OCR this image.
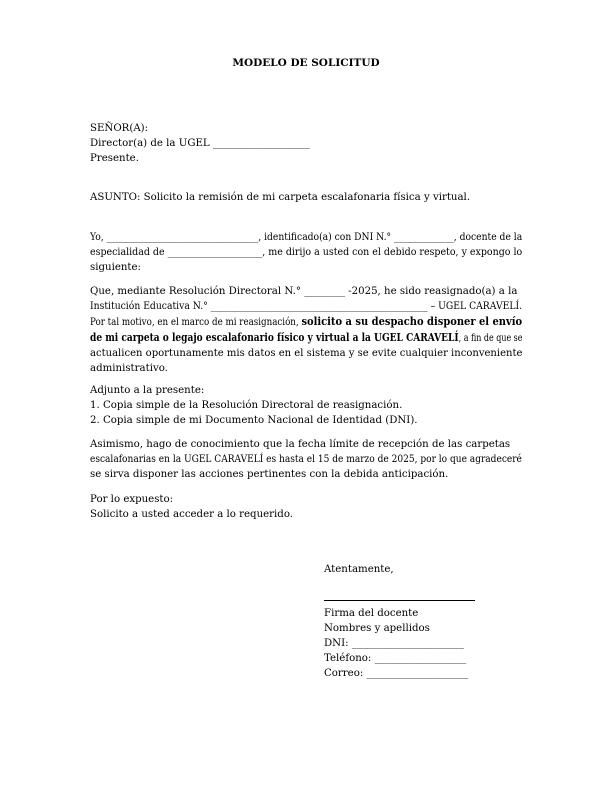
MODELO DE SOLICITUD
SEÑOR(A):
Director(a) de la UGEL ___________________
Presente.
ASUNTO: Solicito la remisión de mi carpeta escalafonaria física y virtual.
Yo, _________________________________, identificado(a) con DNI N.° _____________, docente de la
especialidad de ____________________, me dirijo a usted con el debido respeto, y expongo lo
siguiente:
Que, mediante Resolución Directoral N.° ________ -2025, he sido reasignado(a) a la
Institución Educativa N.° _______________________________________________ – UGEL CARAVELÍ.
Por tal motivo, en el marco de mi reasignación, solicito a su despacho disponer el envío
de mi carpeta o legajo escalafonario físico y virtual a la UGEL CARAVELÍ, a fin de que se
actualicen oportunamente mis datos en el sistema y se evite cualquier inconveniente
administrativo.
Adjunto a la presente:
1. Copia simple de la Resolución Directoral de reasignación.
2. Copia simple de mi Documento Nacional de Identidad (DNI).
Asimismo, hago de conocimiento que la fecha límite de recepción de las carpetas
escalafonarias en la UGEL CARAVELÍ es hasta el 15 de marzo de 2025, por lo que agradeceré
se sirva disponer las acciones pertinentes con la debida anticipación.
Por lo expuesto:
Solicito a usted acceder a lo requerido.
Atentamente,
Firma del docente
Nombres y apellidos
DNI: ______________________
Teléfono: __________________
Correo: ____________________
